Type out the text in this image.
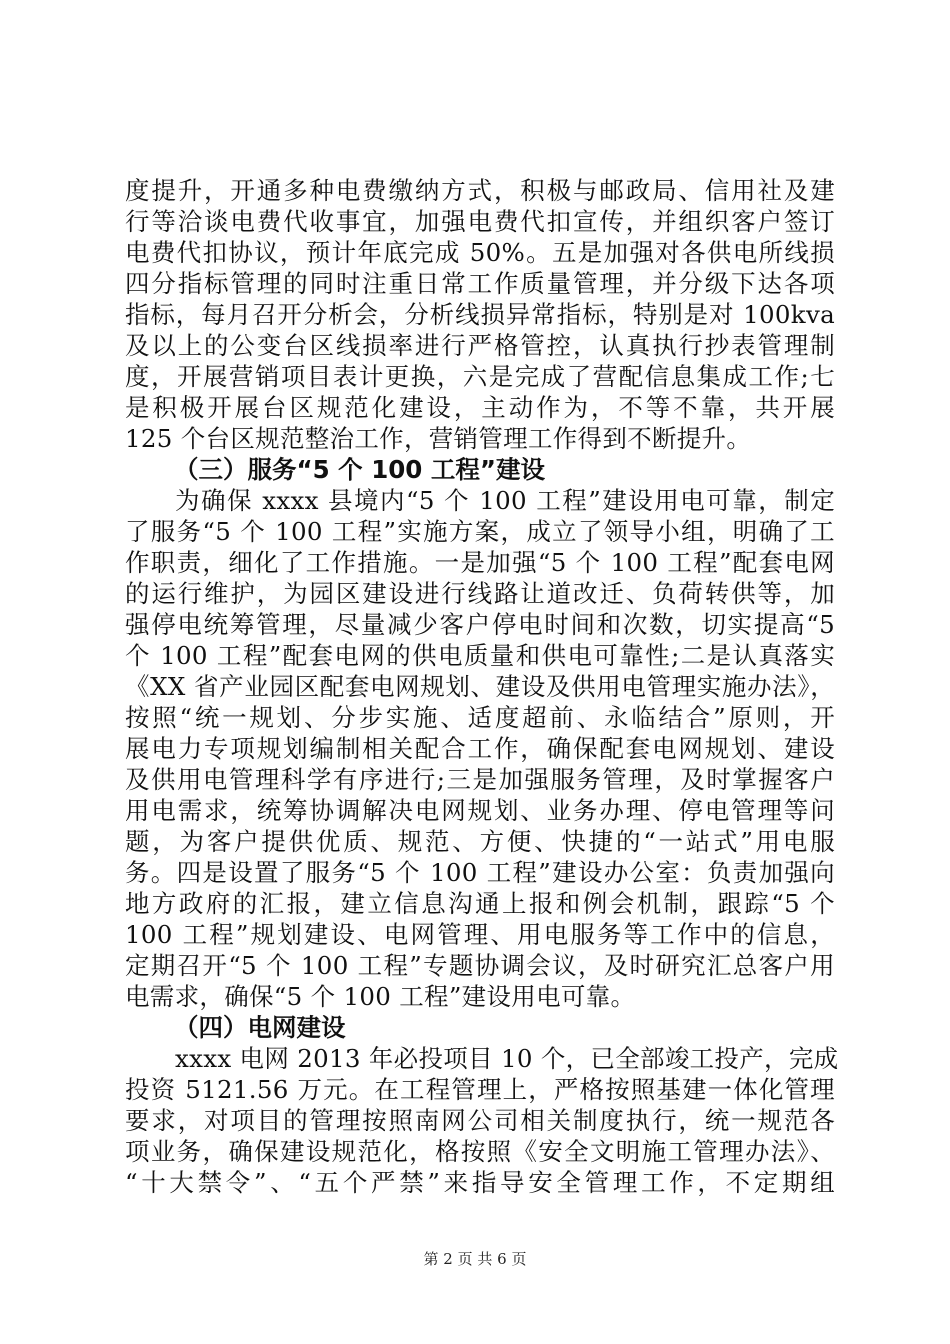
度提升，开通多种电费缴纳方式，积极与邮政局、信用社及建
行等洽谈电费代收事宜，加强电费代扣宣传，并组织客户签订
电费代扣协议，预计年底完成 50%。五是加强对各供电所线损
四分指标管理的同时注重日常工作质量管理，并分级下达各项
指标，每月召开分析会，分析线损异常指标，特别是对 100kva
及以上的公变台区线损率进行严格管控，认真执行抄表管理制
度，开展营销项目表计更换，六是完成了营配信息集成工作;七
是积极开展台区规范化建设，主动作为，不等不靠，共开展
125 个台区规范整治工作，营销管理工作得到不断提升。
（三）服务“5 个 100 工程”建设
为确保 xxxx 县境内“5 个 100 工程”建设用电可靠，制定
了服务“5 个 100 工程”实施方案，成立了领导小组，明确了工
作职责，细化了工作措施。一是加强“5 个 100 工程”配套电网
的运行维护，为园区建设进行线路让道改迁、负荷转供等，加
强停电统筹管理，尽量减少客户停电时间和次数，切实提高“5
个 100 工程”配套电网的供电质量和供电可靠性;二是认真落实
《XX 省产业园区配套电网规划、建设及供用电管理实施办法》，
按照“统一规划、分步实施、适度超前、永临结合”原则，开
展电力专项规划编制相关配合工作，确保配套电网规划、建设
及供用电管理科学有序进行;三是加强服务管理，及时掌握客户
用电需求，统筹协调解决电网规划、业务办理、停电管理等问
题，为客户提供优质、规范、方便、快捷的“一站式”用电服
务。四是设置了服务“5 个 100 工程”建设办公室：负责加强向
地方政府的汇报，建立信息沟通上报和例会机制，跟踪“5 个
100 工程”规划建设、电网管理、用电服务等工作中的信息，
定期召开“5 个 100 工程”专题协调会议，及时研究汇总客户用
电需求，确保“5 个 100 工程”建设用电可靠。
（四）电网建设
xxxx 电网 2013 年必投项目 10 个，已全部竣工投产，完成
投资 5121.56 万元。在工程管理上，严格按照基建一体化管理
要求，对项目的管理按照南网公司相关制度执行，统一规范各
项业务，确保建设规范化，格按照《安全文明施工管理办法》、
“十大禁令”、“五个严禁”来指导安全管理工作，不定期组
第 2 页 共 6 页
